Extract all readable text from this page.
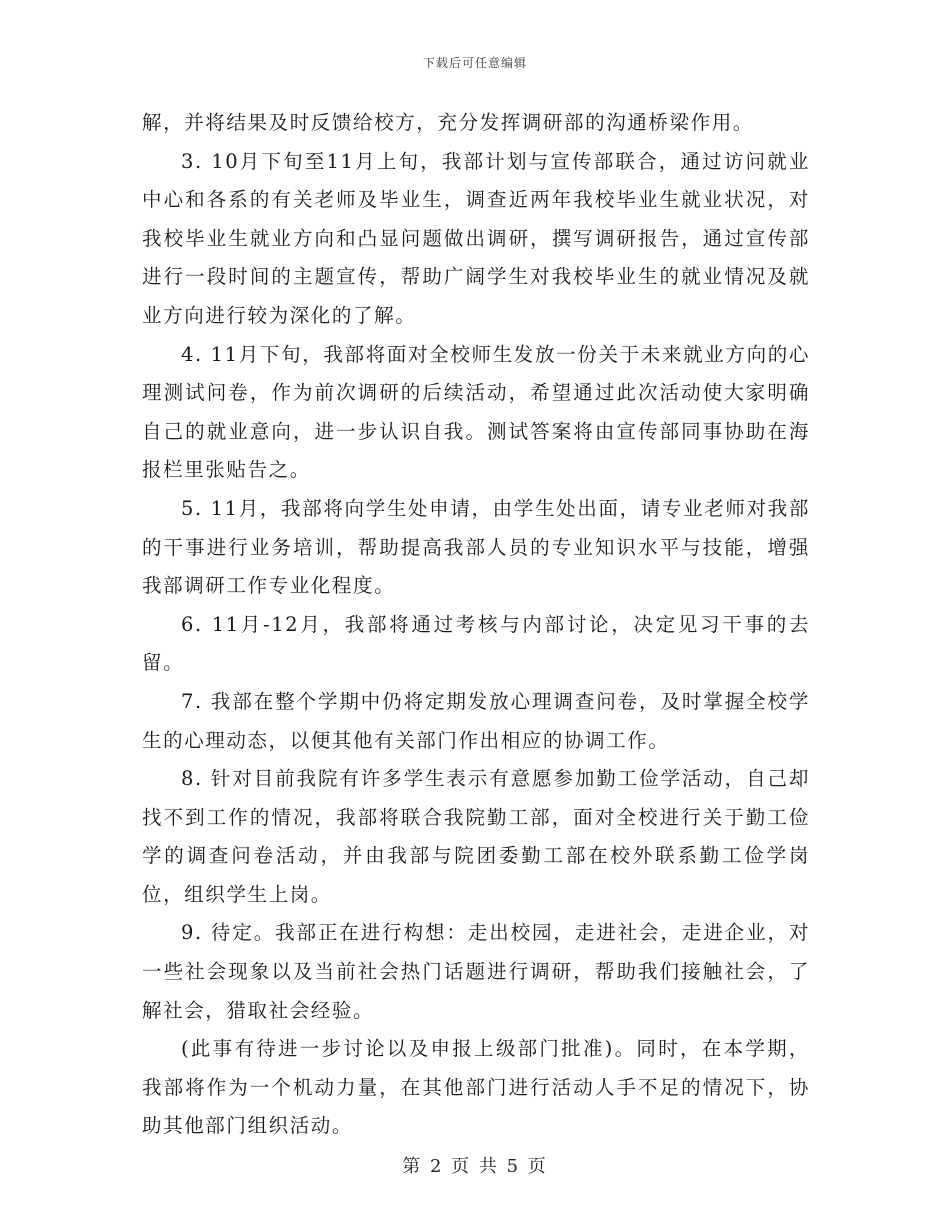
下载后可任意编辑

解，并将结果及时反馈给校方，充分发挥调研部的沟通桥梁作用。

3. 10月下旬至11月上旬，我部计划与宣传部联合，通过访问就业中心和各系的有关老师及毕业生，调查近两年我校毕业生就业状况，对我校毕业生就业方向和凸显问题做出调研，撰写调研报告，通过宣传部进行一段时间的主题宣传，帮助广阔学生对我校毕业生的就业情况及就业方向进行较为深化的了解。

4. 11月下旬，我部将面对全校师生发放一份关于未来就业方向的心理测试问卷，作为前次调研的后续活动，希望通过此次活动使大家明确自己的就业意向，进一步认识自我。测试答案将由宣传部同事协助在海报栏里张贴告之。

5. 11月，我部将向学生处申请，由学生处出面，请专业老师对我部的干事进行业务培训，帮助提高我部人员的专业知识水平与技能，增强我部调研工作专业化程度。

6. 11月-12月，我部将通过考核与内部讨论，决定见习干事的去留。

7. 我部在整个学期中仍将定期发放心理调查问卷，及时掌握全校学生的心理动态，以便其他有关部门作出相应的协调工作。

8. 针对目前我院有许多学生表示有意愿参加勤工俭学活动，自己却找不到工作的情况，我部将联合我院勤工部，面对全校进行关于勤工俭学的调查问卷活动，并由我部与院团委勤工部在校外联系勤工俭学岗位，组织学生上岗。

9. 待定。我部正在进行构想：走出校园，走进社会，走进企业，对一些社会现象以及当前社会热门话题进行调研，帮助我们接触社会，了解社会，猎取社会经验。

(此事有待进一步讨论以及申报上级部门批准)。同时，在本学期，我部将作为一个机动力量，在其他部门进行活动人手不足的情况下，协助其他部门组织活动。

第 2 页 共 5 页
